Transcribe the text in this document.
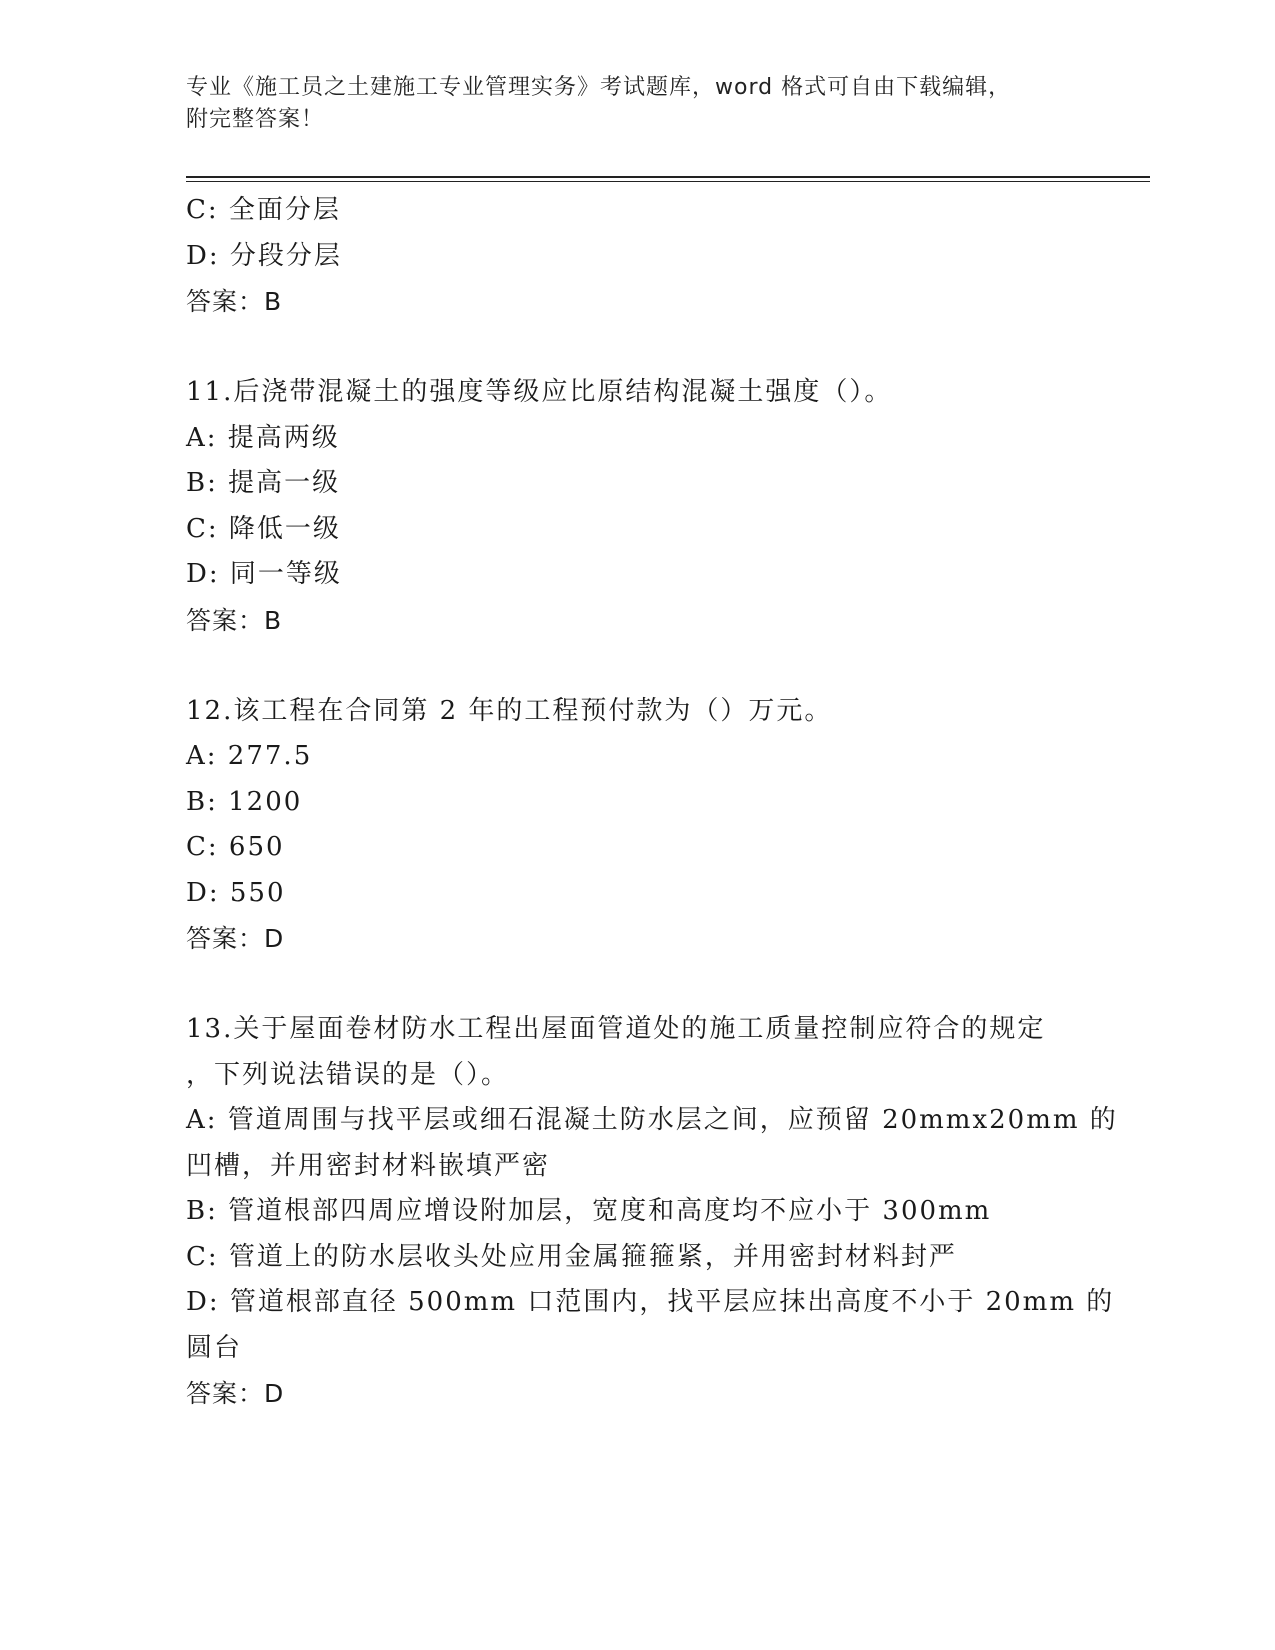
专业《施工员之土建施工专业管理实务》考试题库，word 格式可自由下载编辑，
附完整答案！
C: 全面分层
D: 分段分层
答案：B
11.后浇带混凝土的强度等级应比原结构混凝土强度（）。
A: 提高两级
B: 提高一级
C: 降低一级
D: 同一等级
答案：B
12.该工程在合同第 2 年的工程预付款为（）万元。
A: 277.5
B: 1200
C: 650
D: 550
答案：D
13.关于屋面卷材防水工程出屋面管道处的施工质量控制应符合的规定
，下列说法错误的是（）。
A: 管道周围与找平层或细石混凝土防水层之间，应预留 20mmx20mm 的
凹槽，并用密封材料嵌填严密
B: 管道根部四周应增设附加层，宽度和高度均不应小于 300mm
C: 管道上的防水层收头处应用金属箍箍紧，并用密封材料封严
D: 管道根部直径 500mm 口范围内，找平层应抹出高度不小于 20mm 的
圆台
答案：D
